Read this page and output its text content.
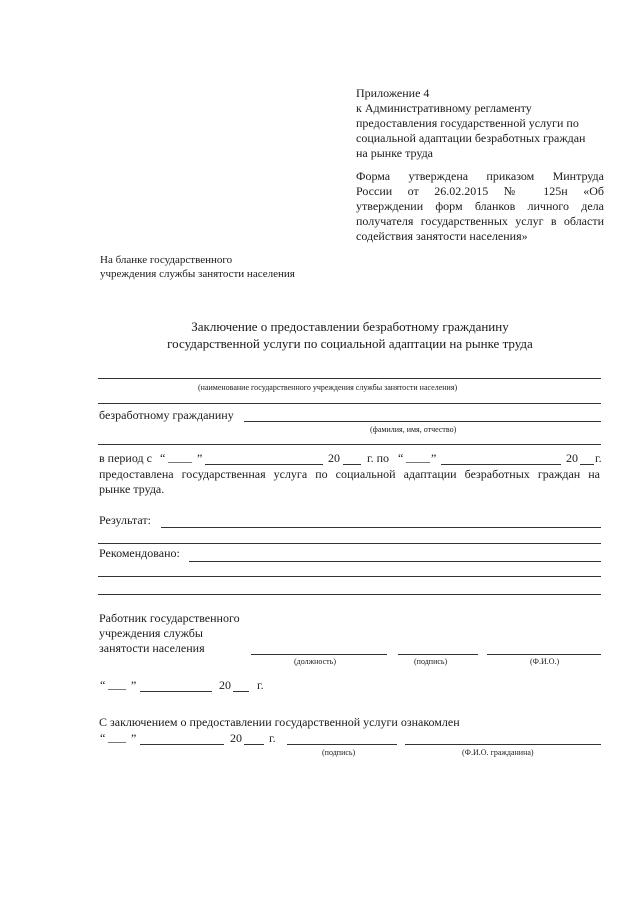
Приложение 4
к Административному регламенту
предоставления государственной услуги по
социальной адаптации безработных граждан
на рынке труда
Форма утверждена приказом Минтруда
России от 26.02.2015 № 125н «Об
утверждении форм бланков личного дела
получателя государственных услуг в области
содействия занятости населения»
На бланке государственного
учреждения службы занятости населения
Заключение о предоставлении безработному гражданину
государственной услуги по социальной адаптации на рынке труда
(наименование государственного учреждения службы занятости населения)
безработному гражданину
(фамилия, имя, отчество)
в период с “ ____ ”	20 г. по “ ____ ”	20 г.
предоставлена государственная услуга по социальной адаптации безработных граждан на
рынке труда.
Результат:
Рекомендовано:
Работник государственного
учреждения службы
занятости населения
(должность)	(подпись)	(Ф.И.О.)
“ ___ ”	20 г.
С заключением о предоставлении государственной услуги ознакомлен
“ ___ ”	20 г.
(подпись)	(Ф.И.О. гражданина)
